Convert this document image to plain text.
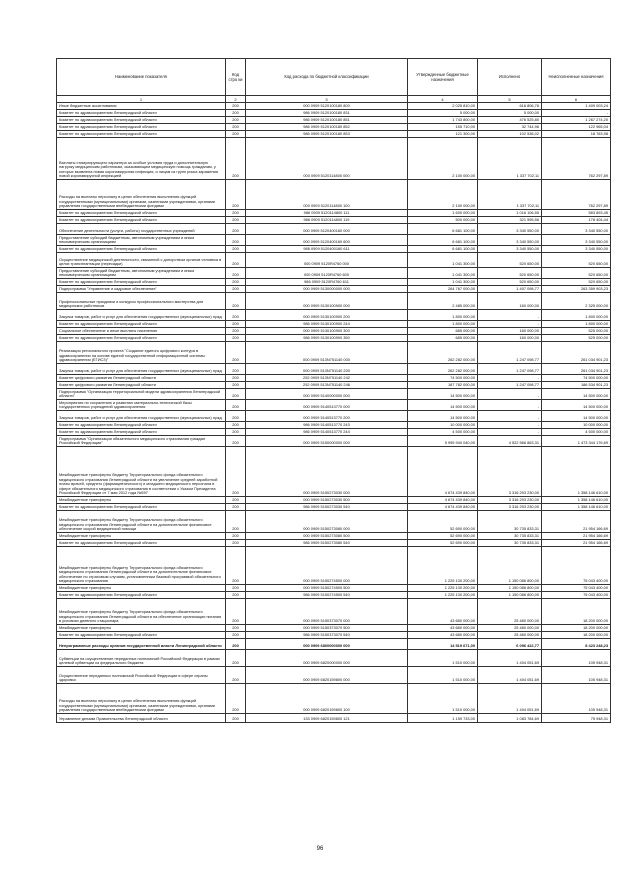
Наименование показателя	Код стро ки	Код расхода по бюджетной классификации	Утвержденные бюджетные назначения	Исполнено	Неисполненные назначения
1	2	3	4	5	6
Иные бюджетные ассигнования	200	000 0909 5120100180 800	2 025 810,00	616 806,76	1 409 003,24
Комитет по здравоохранению Ленинградской области	200	986 0909 5120100180 831	5 000,00	5 000,00	-
Комитет по здравоохранению Ленинградской области	200	986 0909 5120100180 851	1 743 800,00	476 525,80	1 267 274,20
Комитет по здравоохранению Ленинградской области	200	986 0909 5120100180 852	155 710,00	32 744,96	122 965,04
Комитет по здравоохранению Ленинградской области	200	986 0909 5120100180 853	121 300,00	102 536,02	18 763,98
Выплаты стимулирующего характера за особые условия труда и дополнительную нагрузку медицинским работникам, оказывающим медицинскую помощь гражданам, у которых выявлена новая коронавирусная инфекция, и лицам из групп риска заражения новой коронавирусной инфекцией	200	000 0909 5120114800 000	2 100 000,00	1 337 702,11	762 297,89
Расходы на выплаты персоналу в целях обеспечения выполнения функций государственными (муниципальными) органами, казенными учреждениями, органами управления государственными внебюджетными фондами	200	000 0909 5120114800 100	2 100 000,00	1 337 702,11	762 297,89
Комитет по здравоохранению Ленинградской области	200	986 0909 5120114800 111	1 600 000,00	1 016 106,55	583 893,45
Комитет по здравоохранению Ленинградской области	200	986 0909 5120114800 119	500 000,00	321 595,56	178 404,44
Обеспечение деятельности (услуги, работы) государственных учреждений	200	000 0909 5120400160 000	6 681 100,00	3 340 550,00	3 340 550,00
Предоставление субсидий бюджетным, автономным учреждениям и иным некоммерческим организациям	200	000 0909 5120400160 600	6 681 100,00	3 340 550,00	3 340 550,00
Комитет по здравоохранению Ленинградской области	200	986 0909 5120400160 611	6 681 100,00	3 340 550,00	3 340 550,00
Осуществление медицинской деятельности, связанной с донорством органов человека в целях трансплантации (пересадки)	200	000 0909 5120R4760 000	1 041 300,00	520 650,00	520 650,00
Предоставление субсидий бюджетным, автономным учреждениям и иным некоммерческим организациям	200	000 0909 5120R4760 600	1 041 300,00	520 650,00	520 650,00
Комитет по здравоохранению Ленинградской области	200	986 0909 5120R4760 611	1 041 300,00	520 650,00	520 650,00
Подпрограмма "Управление и кадровое обеспечение"	200	000 0909 5130000000 000	264 767 000,00	1 407 098,77	263 359 903,23
Профессиональные праздники и конкурсы профессионального мастерства для медицинских работников	200	000 0909 5130100900 000	2 485 000,00	160 000,00	2 325 000,00
Закупка товаров, работ и услуг для обеспечения государственных (муниципальных) нужд	200	000 0909 5130100900 200	1 800 000,00	-	1 800 000,00
Комитет по здравоохранению Ленинградской области	200	986 0909 5130100900 244	1 800 000,00	-	1 800 000,00
Социальное обеспечение и иные выплаты населению	200	000 0909 5130100900 300	685 000,00	160 000,00	525 000,00
Комитет по здравоохранению Ленинградской области	200	986 0909 5130100900 350	685 000,00	160 000,00	525 000,00
Реализация регионального проекта "Создание единого цифрового контура в здравоохранении на основе единой государственной информационной системы здравоохранения (ЕГИСЗ)"	200	000 0909 513N751140 000	262 282 000,00	1 247 098,77	261 034 901,23
Закупка товаров, работ и услуг для обеспечения государственных (муниципальных) нужд	200	000 0909 513N751140 200	262 282 000,00	1 247 098,77	261 034 901,23
Комитет цифрового развития Ленинградской области	200	252 0909 513N751140 242	74 500 000,00	-	74 500 000,00
Комитет цифрового развития Ленинградской области	200	252 0909 513N751140 246	187 782 000,00	1 247 098,77	186 534 901,23
Подпрограмма "Организация территориальной модели здравоохранения Ленинградской области"	200	000 0909 5140000000 000	14 500 000,00	-	14 500 000,00
Мероприятия по сохранению и развитию материально-технической базы государственных учреждений здравоохранения	200	000 0909 5140513770 000	14 500 000,00	-	14 500 000,00
Закупка товаров, работ и услуг для обеспечения государственных (муниципальных) нужд	200	000 0909 5140513770 200	14 500 000,00	-	14 500 000,00
Комитет по здравоохранению Ленинградской области	200	986 0909 5140513770 243	10 000 000,00	-	10 000 000,00
Комитет по здравоохранению Ленинградской области	200	986 0909 5140513770 244	4 500 000,00	-	4 500 000,00
Подпрограмма "Организация обязательного медицинского страхования граждан Российской Федерации"	200	000 0909 5150000000 000	5 995 940 040,00	4 522 566 863,31	1 473 344 176,69
Межбюджетные трансферты бюджету Территориального фонда обязательного медицинского страхования Ленинградской области на увеличение средней заработной платы врачей, среднего (фармацевтического) и младшего медицинского персонала в сфере обязательного медицинского страхования в соответствии с Указом Президента Российской Федерации от 7 мая 2012 года №597	200	000 0909 5150273030 000	4 674 439 840,00	3 316 293 230,00	1 358 146 610,00
Межбюджетные трансферты	200	000 0909 5150273030 500	4 674 439 840,00	3 316 293 230,00	1 358 146 610,00
Комитет по здравоохранению Ленинградской области	200	986 0909 5150273030 540	4 674 439 840,00	3 316 293 230,00	1 358 146 610,00
Межбюджетные трансферты бюджету Территориального фонда обязательного медицинского страхования Ленинградской области на дополнительное финансовое обеспечение скорой медицинской помощи	200	000 0909 5150273080 000	52 690 000,00	30 735 833,31	21 954 166,69
Межбюджетные трансферты	200	000 0909 5150273080 500	52 690 000,00	30 735 833,31	21 954 166,69
Комитет по здравоохранению Ленинградской области	200	986 0909 5150273080 540	52 690 000,00	30 735 833,31	21 954 166,69
Межбюджетные трансферты бюджету Территориального фонда обязательного медицинского страхования Ленинградской области на дополнительное финансовое обеспечение по страховым случаям, установленным базовой программой обязательного медицинского страхования	200	000 0909 5150274500 000	1 225 130 200,00	1 150 086 800,00	75 043 400,00
Межбюджетные трансферты	200	000 0909 5150274500 500	1 225 130 200,00	1 150 086 800,00	75 043 400,00
Комитет по здравоохранению Ленинградской области	200	986 0909 5150274500 540	1 225 130 200,00	1 150 086 800,00	75 043 400,00
Межбюджетные трансферты бюджету Территориального фонда обязательного медицинского страхования Ленинградской области на обеспечение организации питания в условиях дневного стационара	200	000 0909 5150373070 000	43 680 000,00	25 480 000,00	18 200 000,00
Межбюджетные трансферты	200	000 0909 5150373070 500	43 680 000,00	25 480 000,00	18 200 000,00
Комитет по здравоохранению Ленинградской области	200	986 0909 5150373070 540	43 680 000,00	25 480 000,00	18 200 000,00
Непрограммные расходы органов государственной власти Ленинградской области	200	000 0909 6800000000 000	14 519 671,00	6 096 422,77	8 423 248,23
Субвенции на осуществление переданных полномочий Российской Федерации в рамках целевой субвенции из федерального бюджета	200	000 0909 6820000000 000	1 510 000,00	1 404 051,69	105 948,31
Осуществление переданных полномочий Российской Федерации в сфере охраны здоровья	200	000 0909 6820159800 000	1 510 000,00	1 404 051,69	105 948,31
Расходы на выплаты персоналу в целях обеспечения выполнения функций государственными (муниципальными) органами, казенными учреждениями, органами управления государственными внебюджетными фондами	200	000 0909 6820159800 100	1 510 000,00	1 404 051,69	105 948,31
Управление делами Правительства Ленинградской области	200	133 0909 6820159800 121	1 159 733,00	1 083 784,69	75 948,31
96
